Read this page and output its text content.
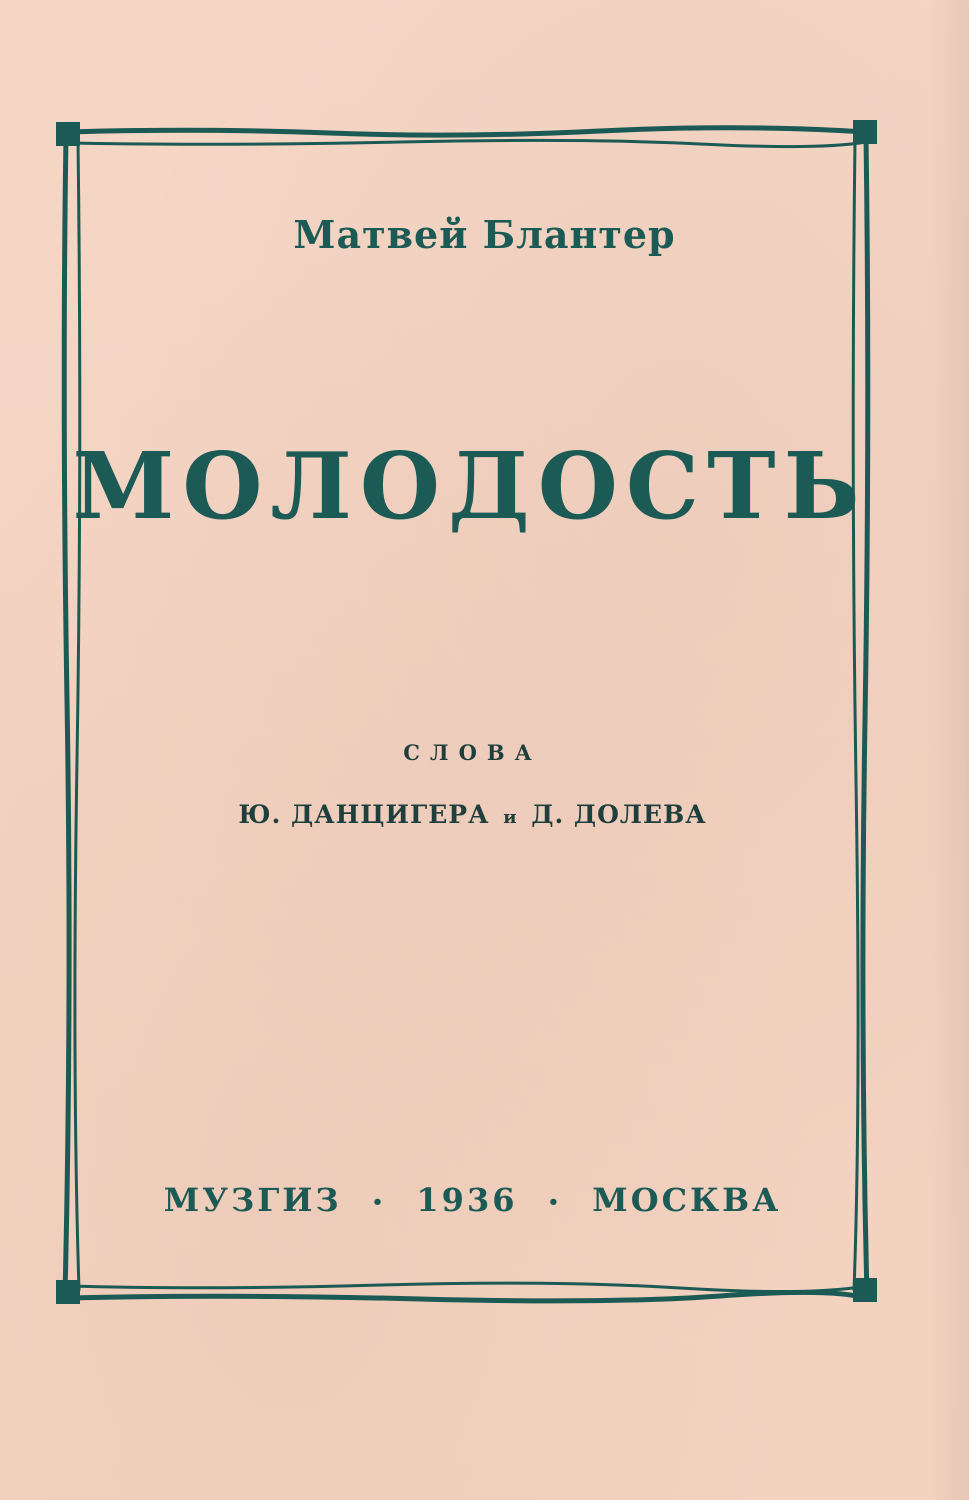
Матвей Блантер
МОЛОДОСТЬ
СЛОВА
Ю. ДАНЦИГЕРА и Д. ДОЛЕВА
МУЗГИЗ • 1936 • МОСКВА
